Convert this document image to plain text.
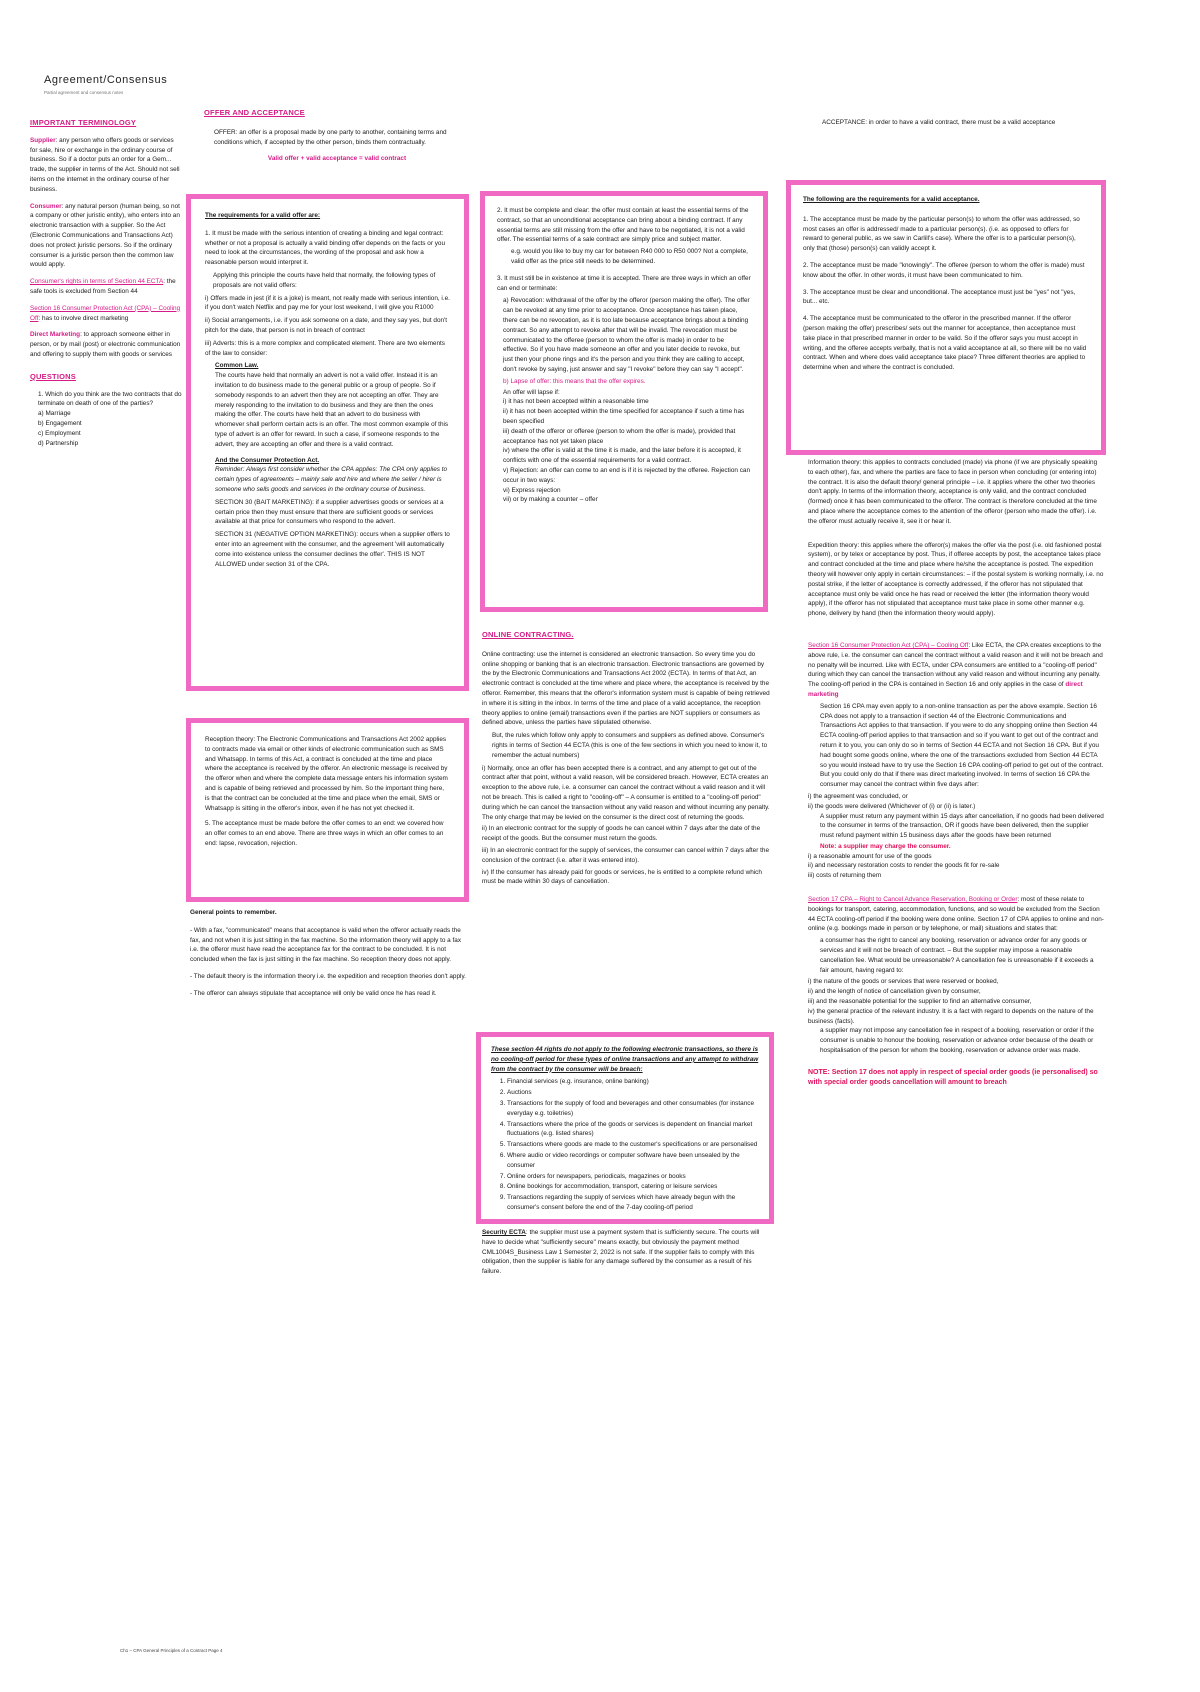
Agreement/Consensus
Partial agreement and consensus notes
IMPORTANT TERMINOLOGY

Supplier: any person who offers goods or services for sale, hire or exchange in the ordinary course of business. So if a doctor puts an order for a Gem... trade, the supplier in terms of the Act. Should not sell items on the internet in the ordinary course of her business.

Consumer: any natural person (human being, so not a company or other juristic entity), who enters into an electronic transaction with a supplier. So the Act (Electronic Communications and Transactions Act) does not protect juristic persons. So if the ordinary consumer is a juristic person then the common law would apply.

Consumer's rights in terms of Section 44 ECTA: the safe tools is excluded from Section 44

Section 16 Consumer Protection Act (CPA) – Cooling Off: has to involve direct marketing

Direct Marketing: to approach someone either in person, or by mail (post) or electronic communication and offering to supply them with goods or services

QUESTIONS
1. Which do you think are the two contracts that do terminate on death of one of the parties?
a) Marriage
b) Engagement
c) Employment
d) Partnership
OFFER AND ACCEPTANCE

OFFER: an offer is a proposal made by one party to another, containing terms and conditions which, if accepted by the other person, binds them contractually.

Valid offer + valid acceptance = valid contract
The requirements for a valid offer are:

1. It must be made with the serious intention of creating a binding and legal contract: whether or not a proposal is actually a valid binding offer depends on the facts or you need to look at the circumstances, the wording of the proposal and ask how a reasonable person would interpret it.

Applying this principle the courts have held that normally, the following types of proposals are not valid offers:

i) Offers made in jest (if it is a joke) is meant, not really made with serious intention, i.e. if you don't watch Netflix and pay me for your lost weekend, I will give you R1000

ii) Social arrangements, i.e. if you ask someone on a date, and they say yes, but don't pitch for the date, that person is not in breach of contract

iii) Adverts: this is a more complex and complicated element. There are two elements of the law to consider:

Common Law.

The courts have held that normally an advert is not a valid offer. Instead it is an invitation to do business made to the general public or a group of people. So if somebody responds to an advert then they are not accepting an offer. They are merely responding to the invitation to do business and they are then the ones making the offer. The courts have held that an advert to do business with whomever shall perform certain acts is an offer. The most common example of this type of advert is an offer for reward. In such a case, if someone responds to the advert, they are accepting an offer and there is a valid contract.

And the Consumer Protection Act.

Reminder: Always first consider whether the CPA applies: The CPA only applies to certain types of agreements – mainly sale and hire and where the seller / hirer is someone who sells goods and services in the ordinary course of business.

SECTION 30 (BAIT MARKETING): if a supplier advertises goods or services at a certain price then they must ensure that there are sufficient goods or services available at that price for consumers who respond to the advert.

SECTION 31 (NEGATIVE OPTION MARKETING): occurs when a supplier offers to enter into an agreement with the consumer, and the agreement 'will automatically come into existence unless the consumer declines the offer'. THIS IS NOT ALLOWED under section 31 of the CPA.

Reception theory: The Electronic Communications and Transactions Act 2002 applies to contracts made via email or other kinds of electronic communication such as SMS and Whatsapp. In terms of this Act, a contract is concluded at the time and place where the acceptance is received by the offeror. An electronic message is received by the offeror when and where the complete data message enters his information system and is capable of being retrieved and processed by him. So the important thing here, is that the contract can be concluded at the time and place when the email, SMS or Whatsapp is sitting in the offeror's inbox, even if he has not yet checked it.

5. The acceptance must be made before the offer comes to an end: we covered how an offer comes to an end above. There are three ways in which an offer comes to an end: lapse, revocation, rejection.

General points to remember.

- With a fax, "communicated" means that acceptance is valid when the offeror actually reads the fax, and not when it is just sitting in the fax machine. So the information theory will apply to a fax i.e. the offeror must have read the acceptance fax for the contract to be concluded. It is not concluded when the fax is just sitting in the fax machine. So reception theory does not apply.

- The default theory is the information theory i.e. the expedition and reception theories don't apply.

- The offeror can always stipulate that acceptance will only be valid once he has read it.

2. It must be complete and clear: the offer must contain at least the essential terms of the contract, so that an unconditional acceptance can bring about a binding contract. If any essential terms are still missing from the offer and have to be negotiated, it is not a valid offer. The essential terms of a sale contract are simply price and subject matter.

e.g. would you like to buy my car for between R40 000 to R50 000? Not a complete, valid offer as the price still needs to be determined.

3. It must still be in existence at time it is accepted. There are three ways in which an offer can end or terminate:

a) Revocation: withdrawal of the offer by the offeror (person making the offer). The offer can be revoked at any time prior to acceptance. Once acceptance has taken place, there can be no revocation, as it is too late because acceptance brings about a binding contract. So any attempt to revoke after that will be invalid. The revocation must be communicated to the offeree (person to whom the offer is made) in order to be effective. So if you have made someone an offer and you later decide to revoke, but just then your phone rings and it's the person and you think they are calling to accept, don't revoke by saying, just answer and say "I revoke" before they can say "I accept".

b) Lapse of offer: this means that the offer expires.

An offer will lapse if:
i) it has not been accepted within a reasonable time
ii) it has not been accepted within the time specified for acceptance if such a time has been specified
iii) death of the offeror or offeree (person to whom the offer is made), provided that acceptance has not yet taken place
iv) where the offer is valid at the time it is made, and the later before it is accepted, it conflicts with one of the essential requirements for a valid contract.
v) Rejection: an offer can come to an end is if it is rejected by the offeree. Rejection can occur in two ways:
vi) Express rejection
vii) or by making a counter – offer
ONLINE CONTRACTING.

Online contracting: use the internet is considered an electronic transaction. So every time you do online shopping or banking that is an electronic transaction. Electronic transactions are governed by the by the Electronic Communications and Transactions Act 2002 (ECTA). In terms of that Act, an electronic contract is concluded at the time where and place where, the acceptance is received by the offeror. Remember, this means that the offeror's information system must is capable of being retrieved in where it is sitting in the inbox. In terms of the time and place of a valid acceptance, the reception theory applies to online (email) transactions even if the parties are NOT suppliers or consumers as defined above, unless the parties have stipulated otherwise.

But, the rules which follow only apply to consumers and suppliers as defined above. Consumer's rights in terms of Section 44 ECTA (this is one of the few sections in which you need to know it, to remember the actual numbers)

i) Normally, once an offer has been accepted there is a contract, and any attempt to get out of the contract after that point, without a valid reason, will be considered breach. However, ECTA creates an exception to the above rule, i.e. a consumer can cancel the contract without a valid reason and it will not be breach. This is called a right to "cooling-off" – A consumer is entitled to a "cooling-off period" during which he can cancel the transaction without any valid reason and without incurring any penalty. The only charge that may be levied on the consumer is the direct cost of returning the goods.

ii) In an electronic contract for the supply of goods he can cancel within 7 days after the date of the receipt of the goods. But the consumer must return the goods.

iii) In an electronic contract for the supply of services, the consumer can cancel within 7 days after the conclusion of the contract (i.e. after it was entered into).

iv) If the consumer has already paid for goods or services, he is entitled to a complete refund which must be made within 30 days of cancellation.

These section 44 rights do not apply to the following electronic transactions, so there is no cooling-off period for these types of online transactions and any attempt to withdraw from the contract by the consumer will be breach:
1. Financial services (e.g. insurance, online banking)
2. Auctions
3. Transactions for the supply of food and beverages and other consumables (for instance everyday e.g. toiletries)
4. Transactions where the price of the goods or services is dependent on financial market fluctuations (e.g. listed shares)
5. Transactions where goods are made to the customer's specifications or are personalised
6. Where audio or video recordings or computer software have been unsealed by the consumer
7. Online orders for newspapers, periodicals, magazines or books
8. Online bookings for accommodation, transport, catering or leisure services
9. Transactions regarding the supply of services which have already begun with the consumer's consent before the end of the 7-day cooling-off period

Security ECTA: the supplier must use a payment system that is sufficiently secure. The courts will have to decide what "sufficiently secure" means exactly, but obviously the payment method CML1004S_Business Law 1 Semester 2, 2022 is not safe. If the supplier fails to comply with this obligation, then the supplier is liable for any damage suffered by the consumer as a result of his failure.

ACCEPTANCE: in order to have a valid contract, there must be a valid acceptance

The following are the requirements for a valid acceptance.

1. The acceptance must be made by the particular person(s) to whom the offer was addressed, so most cases an offer is addressed/ made to a particular person(s). (i.e. as opposed to offers for reward to general public, as we saw in Carlill's case). Where the offer is to a particular person(s), only that (those) person(s) can validly accept it.

2. The acceptance must be made "knowingly". The offeree (person to whom the offer is made) must know about the offer. In other words, it must have been communicated to him.

3. The acceptance must be clear and unconditional. The acceptance must just be "yes" not "yes, but... etc.

4. The acceptance must be communicated to the offeror in the prescribed manner. If the offeror (person making the offer) prescribes/ sets out the manner for acceptance, then acceptance must take place in that prescribed manner in order to be valid. So if the offeror says you must accept in writing, and the offeree accepts verbally, that is not a valid acceptance at all, so there will be no valid contract. When and where does valid acceptance take place? Three different theories are applied to determine when and where the contract is concluded.

Information theory: this applies to contracts concluded (made) via phone (if we are physically speaking to each other), fax, and where the parties are face to face in person when concluding (or entering into) the contract. It is also the default theory/ general principle – i.e. it applies where the other two theories don't apply. In terms of the information theory, acceptance is only valid, and the contract concluded (formed) once it has been communicated to the offeror. The contract is therefore concluded at the time and place where the acceptance comes to the attention of the offeror (person who made the offer). i.e. the offeror must actually receive it, see it or hear it.

Expedition theory: this applies where the offeror(s) makes the offer via the post (i.e. old fashioned postal system), or by telex or acceptance by post. Thus, if offeree accepts by post, the acceptance takes place and contract concluded at the time and place where he/she the acceptance is posted. The expedition theory will however only apply in certain circumstances: – if the postal system is working normally, i.e. no postal strike, if the letter of acceptance is correctly addressed, if the offeror has not stipulated that acceptance must only be valid once he has read or received the letter (the information theory would apply), if the offeror has not stipulated that acceptance must take place in some other manner e.g. phone, delivery by hand (then the information theory would apply).

Section 16 Consumer Protection Act (CPA) – Cooling Off: Like ECTA, the CPA creates exceptions to the above rule, i.e. the consumer can cancel the contract without a valid reason and it will not be breach and no penalty will be incurred. Like with ECTA, under CPA consumers are entitled to a "cooling-off period" during which they can cancel the transaction without any valid reason and without incurring any penalty. The cooling-off period in the CPA is contained in Section 16 and only applies in the case of direct marketing

Section 16 CPA may even apply to a non-online transaction as per the above example. Section 16 CPA does not apply to a transaction if section 44 of the Electronic Communications and Transactions Act applies to that transaction. If you were to do any shopping online then Section 44 ECTA cooling-off period applies to that transaction and so if you want to get out of the contract and return it to you, you can only do so in terms of Section 44 ECTA and not Section 16 CPA. But if you had bought some goods online, where the one of the transactions excluded from Section 44 ECTA so you would instead have to try use the Section 16 CPA cooling-off period to get out of the contract. But you could only do that if there was direct marketing involved. In terms of section 16 CPA the consumer may cancel the contract within five days after:

i) the agreement was concluded, or
ii) the goods were delivered (Whichever of (i) or (ii) is later.)

A supplier must return any payment within 15 days after cancellation, if no goods had been delivered to the consumer in terms of the transaction, OR if goods have been delivered, then the supplier must refund payment within 15 business days after the goods have been returned

Note: a supplier may charge the consumer.
i) a reasonable amount for use of the goods
ii) and necessary restoration costs to render the goods fit for re-sale
iii) costs of returning them

Section 17 CPA – Right to Cancel Advance Reservation, Booking or Order: most of these relate to bookings for transport, catering, accommodation, functions, and so would be excluded from the Section 44 ECTA cooling-off period if the booking were done online. Section 17 of CPA applies to online and non-online (e.g. bookings made in person or by telephone, or mail) situations and states that:

a consumer has the right to cancel any booking, reservation or advance order for any goods or services and it will not be breach of contract. – But the supplier may impose a reasonable cancellation fee. What would be unreasonable? A cancellation fee is unreasonable if it exceeds a fair amount, having regard to:

i) the nature of the goods or services that were reserved or booked,
ii) and the length of notice of cancellation given by consumer,
iii) and the reasonable potential for the supplier to find an alternative consumer,
iv) the general practice of the relevant industry. It is a fact with regard to depends on the nature of the business (facts).

a supplier may not impose any cancellation fee in respect of a booking, reservation or order if the consumer is unable to honour the booking, reservation or advance order because of the death or hospitalisation of the person for whom the booking, reservation or advance order was made.

NOTE: Section 17 does not apply in respect of special order goods (ie personalised) so with special order goods cancellation will amount to breach

Ch1 – CPA General Principles of a Contract Page 4
